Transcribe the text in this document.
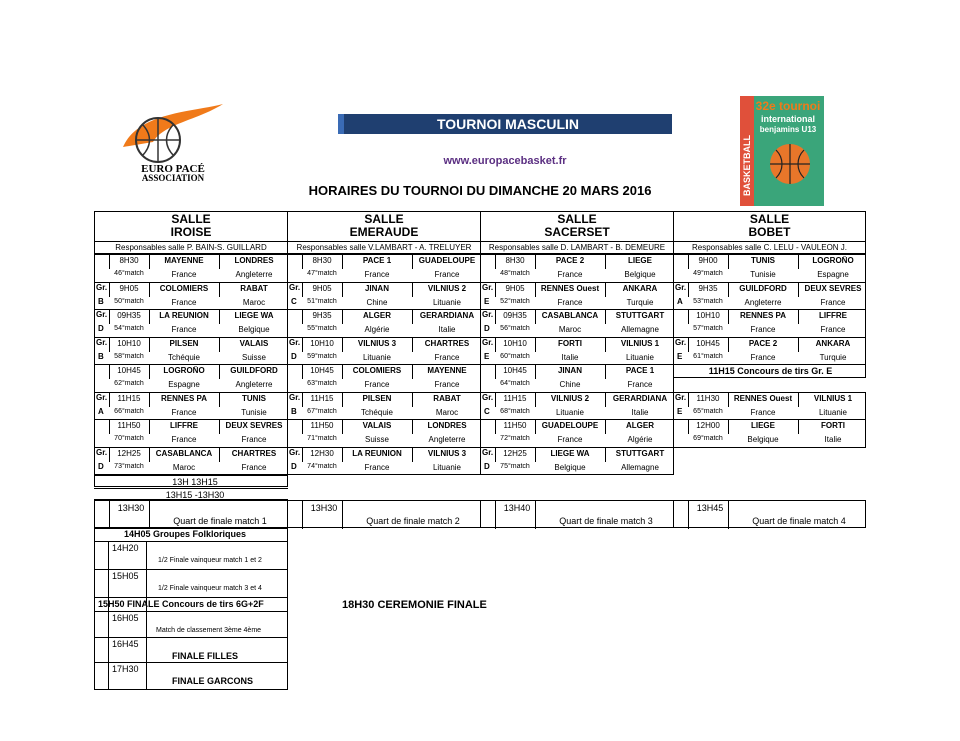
EURO PACÉ
ASSOCIATION
32e tournoi
international
benjamins U13
BASKETBALL
TOURNOI MASCULIN
www.europacebasket.fr
HORAIRES DU TOURNOI DU DIMANCHE 20 MARS 2016
SALLE
IROISE
Responsables salle P. BAIN-S. GUILLARD
SALLE
EMERAUDE
Responsables salle V.LAMBART - A. TRELUYER
SALLE
SACERSET
Responsables salle D. LAMBART - B. DEMEURE
SALLE
BOBET
Responsables salle C. LELU - VAULEON J.
8H30
46°match
MAYENNE
France
LONDRES
Angleterre
Gr.
B
9H05
50°match
COLOMIERS
France
RABAT
Maroc
Gr.
D
09H35
54°match
LA REUNION
France
LIEGE WA
Belgique
Gr.
B
10H10
58°match
PILSEN
Tchéquie
VALAIS
Suisse
10H45
62°match
LOGROÑO
Espagne
GUILDFORD
Angleterre
Gr.
A
11H15
66°match
RENNES PA
France
TUNIS
Tunisie
11H50
70°match
LIFFRE
France
DEUX SEVRES
France
Gr.
D
12H25
73°match
CASABLANCA
Maroc
CHARTRES
France
8H30
47°match
PACE 1
France
GUADELOUPE
France
Gr.
C
9H05
51°match
JINAN
Chine
VILNIUS 2
Lituanie
9H35
55°match
ALGER
Algérie
GERARDIANA
Italie
Gr.
D
10H10
59°match
VILNIUS 3
Lituanie
CHARTRES
France
10H45
63°match
COLOMIERS
France
MAYENNE
France
Gr.
B
11H15
67°match
PILSEN
Tchéquie
RABAT
Maroc
11H50
71°match
VALAIS
Suisse
LONDRES
Angleterre
Gr.
D
12H30
74°match
LA REUNION
France
VILNIUS 3
Lituanie
8H30
48°match
PACE 2
France
LIEGE
Belgique
Gr.
E
9H05
52°match
RENNES Ouest
France
ANKARA
Turquie
Gr.
D
09H35
56°match
CASABLANCA
Maroc
STUTTGART
Allemagne
Gr.
E
10H10
60°match
FORTI
Italie
VILNIUS 1
Lituanie
10H45
64°match
JINAN
Chine
PACE 1
France
Gr.
C
11H15
68°match
VILNIUS 2
Lituanie
GERARDIANA
Italie
11H50
72°match
GUADELOUPE
France
ALGER
Algérie
Gr.
D
12H25
75°match
LIEGE WA
Belgique
STUTTGART
Allemagne
9H00
49°match
TUNIS
Tunisie
LOGROÑO
Espagne
Gr.
A
9H35
53°match
GUILDFORD
Angleterre
DEUX SEVRES
France
10H10
57°match
RENNES PA
France
LIFFRE
France
Gr.
E
10H45
61°match
PACE 2
France
ANKARA
Turquie
Gr.
E
11H30
65°match
RENNES Ouest
France
VILNIUS 1
Lituanie
12H00
69°match
LIEGE
Belgique
FORTI
Italie
11H15 Concours de tirs Gr. E
13H 13H15
13H15 -13H30
13H30
Quart de finale match 1
13H30
Quart de finale match 2
13H40
Quart de finale match 3
13H45
Quart de finale match 4
14H05 Groupes Folkloriques
14H20
1/2 Finale vainqueur match 1 et 2
15H05
1/2 Finale vainqueur match 3 et 4
15H50 FINALE Concours de tirs 6G+2F
16H05
Match de classement 3ème 4ème
16H45
FINALE FILLES
17H30
FINALE GARCONS
18H30 CEREMONIE FINALE
